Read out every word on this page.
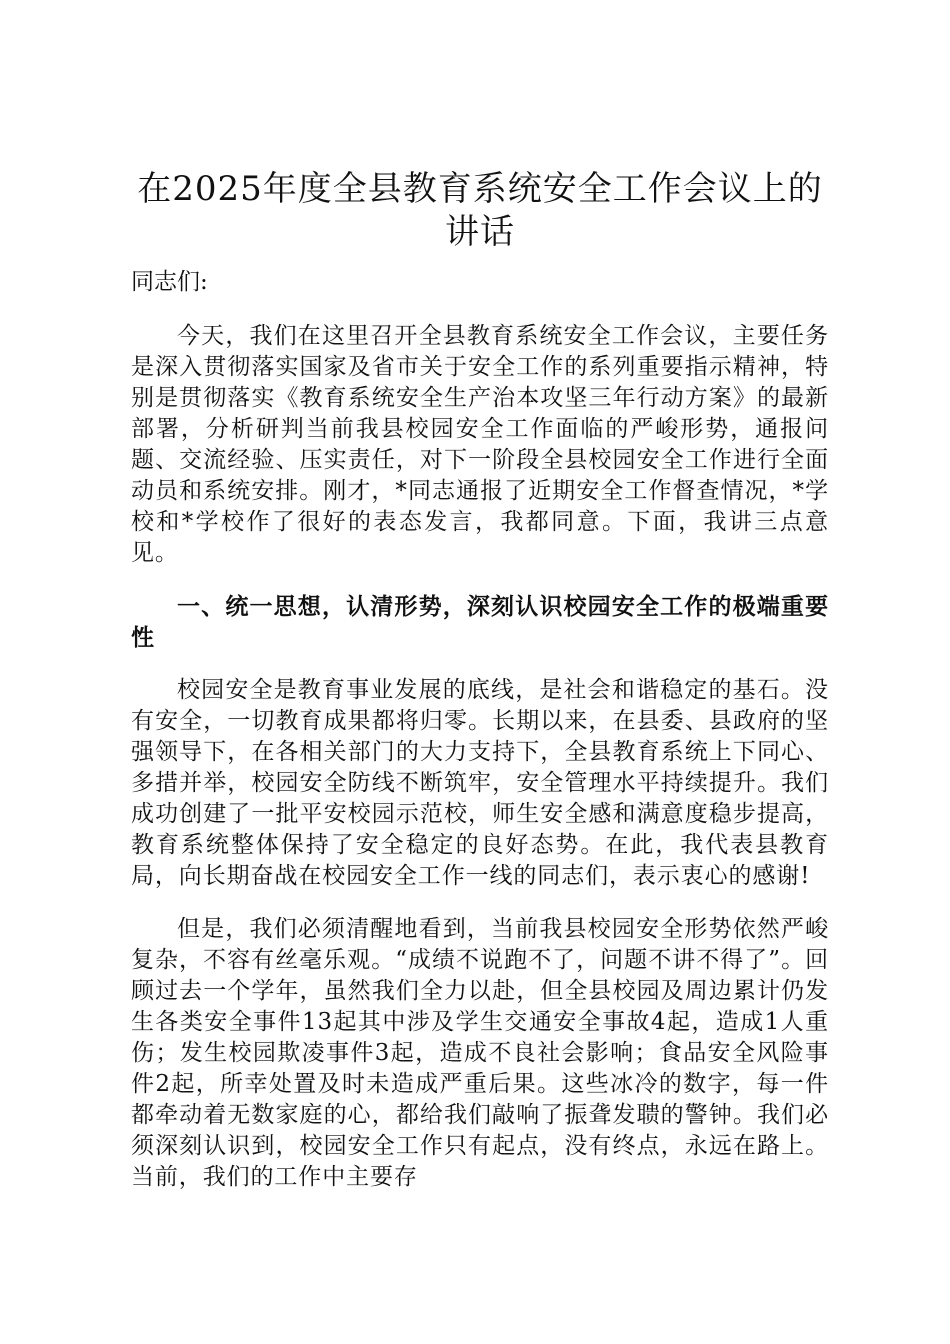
在2025年度全县教育系统安全工作会议上的讲话

同志们:

今天，我们在这里召开全县教育系统安全工作会议，主要任务是深入贯彻落实国家及省市关于安全工作的系列重要指示精神，特别是贯彻落实《教育系统安全生产治本攻坚三年行动方案》的最新部署，分析研判当前我县校园安全工作面临的严峻形势，通报问题、交流经验、压实责任，对下一阶段全县校园安全工作进行全面动员和系统安排。刚才，*同志通报了近期安全工作督查情况，*学校和*学校作了很好的表态发言，我都同意。下面，我讲三点意见。

一、统一思想，认清形势，深刻认识校园安全工作的极端重要性

校园安全是教育事业发展的底线，是社会和谐稳定的基石。没有安全，一切教育成果都将归零。长期以来，在县委、县政府的坚强领导下，在各相关部门的大力支持下，全县教育系统上下同心、多措并举，校园安全防线不断筑牢，安全管理水平持续提升。我们成功创建了一批平安校园示范校，师生安全感和满意度稳步提高，教育系统整体保持了安全稳定的良好态势。在此，我代表县教育局，向长期奋战在校园安全工作一线的同志们，表示衷心的感谢!

但是，我们必须清醒地看到，当前我县校园安全形势依然严峻复杂，不容有丝毫乐观。“成绩不说跑不了，问题不讲不得了”。回顾过去一个学年，虽然我们全力以赴，但全县校园及周边累计仍发生各类安全事件13起其中涉及学生交通安全事故4起，造成1人重伤；发生校园欺凌事件3起，造成不良社会影响；食品安全风险事件2起，所幸处置及时未造成严重后果。这些冰冷的数字，每一件都牵动着无数家庭的心，都给我们敲响了振聋发聩的警钟。我们必须深刻认识到，校园安全工作只有起点，没有终点，永远在路上。当前，我们的工作中主要存
